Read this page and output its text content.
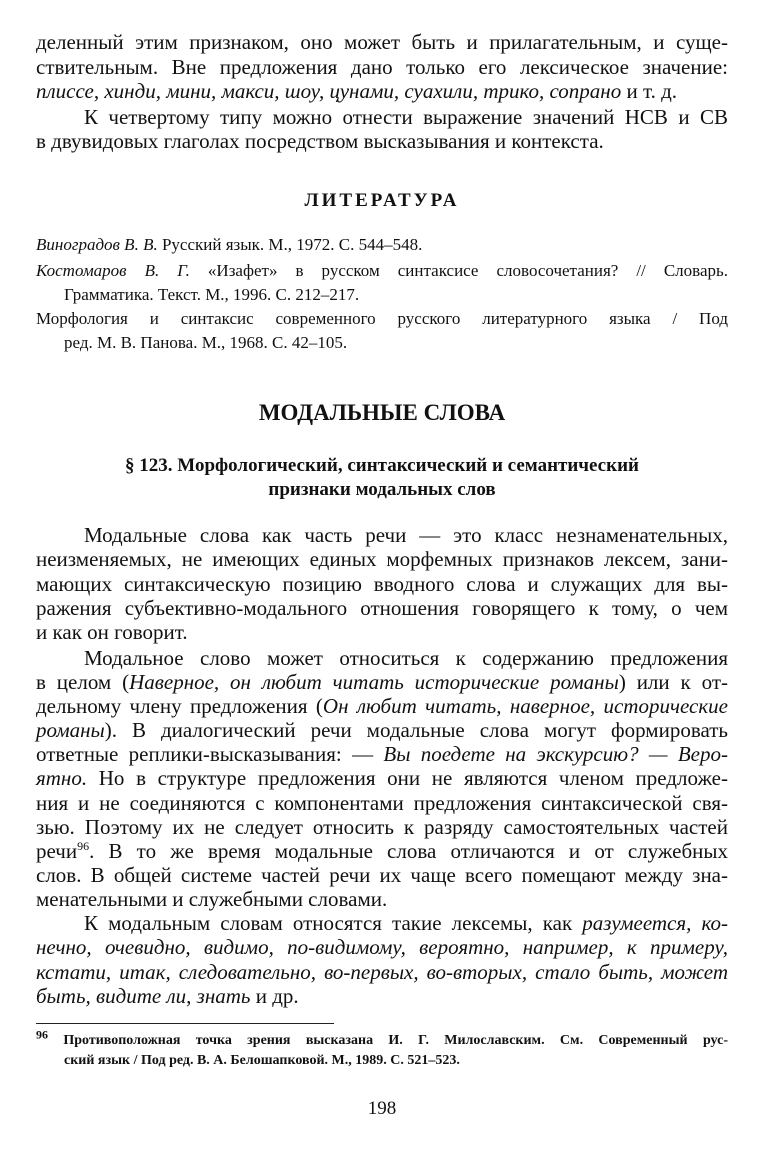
деленный этим признаком, оно может быть и прилагательным, и суще-
ствительным. Вне предложения дано только его лексическое значение:
плиссе, хинди, мини, макси, шоу, цунами, суахили, трико, сопрано и т. д.
К четвертому типу можно отнести выражение значений НСВ и СВ
в двувидовых глаголах посредством высказывания и контекста.
ЛИТЕРАТУРА
Виноградов В. В. Русский язык. М., 1972. С. 544–548.
Костомаров В. Г. «Изафет» в русском синтаксисе словосочетания? // Словарь.
Грамматика. Текст. М., 1996. С. 212–217.
Морфология и синтаксис современного русского литературного языка / Под
ред. М. В. Панова. М., 1968. С. 42–105.
МОДАЛЬНЫЕ СЛОВА
§ 123. Морфологический, синтаксический и семантический
признаки модальных слов
Модальные слова как часть речи — это класс незнаменательных,
неизменяемых, не имеющих единых морфемных признаков лексем, зани-
мающих синтаксическую позицию вводного слова и служащих для вы-
ражения субъективно-модального отношения говорящего к тому, о чем
и как он говорит.
Модальное слово может относиться к содержанию предложения
в целом (Наверное, он любит читать исторические романы) или к от-
дельному члену предложения (Он любит читать, наверное, исторические
романы). В диалогический речи модальные слова могут формировать
ответные реплики-высказывания: — Вы поедете на экскурсию? — Веро-
ятно. Но в структуре предложения они не являются членом предложе-
ния и не соединяются с компонентами предложения синтаксической свя-
зью. Поэтому их не следует относить к разряду самостоятельных частей
речи$^{96}$. В то же время модальные слова отличаются и от служебных
слов. В общей системе частей речи их чаще всего помещают между зна-
менательными и служебными словами.
К модальным словам относятся такие лексемы, как разумеется, ко-
нечно, очевидно, видимо, по-видимому, вероятно, например, к примеру,
кстати, итак, следовательно, во-первых, во-вторых, стало быть, может
быть, видите ли, знать и др.
$^{96}$ Противоположная точка зрения высказана И. Г. Милославским. См. Современный рус-
ский язык / Под ред. В. А. Белошапковой. М., 1989. С. 521–523.
198
